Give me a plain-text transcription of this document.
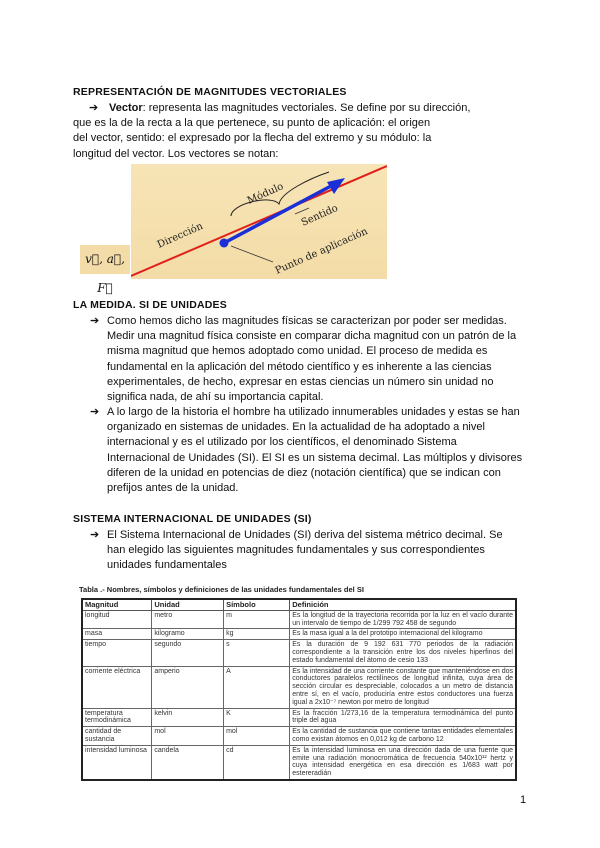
REPRESENTACIÓN DE MAGNITUDES VECTORIALES
➔ Vector: representa las magnitudes vectoriales. Se define por su dirección,
que es la de la recta a la que pertenece, su punto de aplicación: el origen
del vector, sentido: el expresado por la flecha del extremo y su módulo: la
longitud del vector. Los vectores se notan:
Dirección
Módulo
Sentido
Punto de aplicación
v⃗, a⃗, F⃗
LA MEDIDA. SI DE UNIDADES
➔ Como hemos dicho las magnitudes físicas se caracterizan por poder ser medidas.
Medir una magnitud física consiste en comparar dicha magnitud con un patrón de la
misma magnitud que hemos adoptado como unidad. El proceso de medida es
fundamental en la aplicación del método científico y es inherente a las ciencias
experimentales, de hecho, expresar en estas ciencias un número sin unidad no
significa nada, de ahí su importancia capital.
➔ A lo largo de la historia el hombre ha utilizado innumerables unidades y estas se han
organizado en sistemas de unidades. En la actualidad de ha adoptado a nivel
internacional y es el utilizado por los científicos, el denominado Sistema
Internacional de Unidades (SI). El SI es un sistema decimal. Las múltiplos y divisores
diferen de la unidad en potencias de diez (notación científica) que se indican con
prefijos antes de la unidad.
SISTEMA INTERNACIONAL DE UNIDADES (SI)
➔ El Sistema Internacional de Unidades (SI) deriva del sistema métrico decimal. Se
han elegido las siguientes magnitudes fundamentales y sus correspondientes
unidades fundamentales
Tabla .- Nombres, símbolos y definiciones de las unidades fundamentales del SI
Magnitud	Unidad	Símbolo	Definición
longitud	metro	m	Es la longitud de la trayectoria recorrida por la luz en el vacío durante un intervalo de tiempo de 1/299 792 458 de segundo
masa	kilogramo	kg	Es la masa igual a la del prototipo internacional del kilogramo
tiempo	segundo	s	Es la duración de 9 192 631 770 periodos de la radiación correspondiente a la transición entre los dos niveles hiperfinos del estado fundamental del átomo de cesio 133
corriente eléctrica	amperio	A	Es la intensidad de una corriente constante que manteniéndose en dos conductores paralelos rectilíneos de longitud infinita, cuya área de sección circular es despreciable, colocados a un metro de distancia entre sí, en el vacío, produciría entre estos conductores una fuerza igual a 2x10⁻⁷ newton por metro de longitud
temperatura termodinámica	kelvin	K	Es la fracción 1/273,16 de la temperatura termodinámica del punto triple del agua
cantidad de sustancia	mol	mol	Es la cantidad de sustancia que contiene tantas entidades elementales como existan átomos en 0,012 kg de carbono 12
intensidad luminosa	candela	cd	Es la intensidad luminosa en una dirección dada de una fuente que emite una radiación monocromática de frecuencia 540x10¹² hertz y cuya intensidad energética en esa dirección es 1/683 watt por estereradián
1
